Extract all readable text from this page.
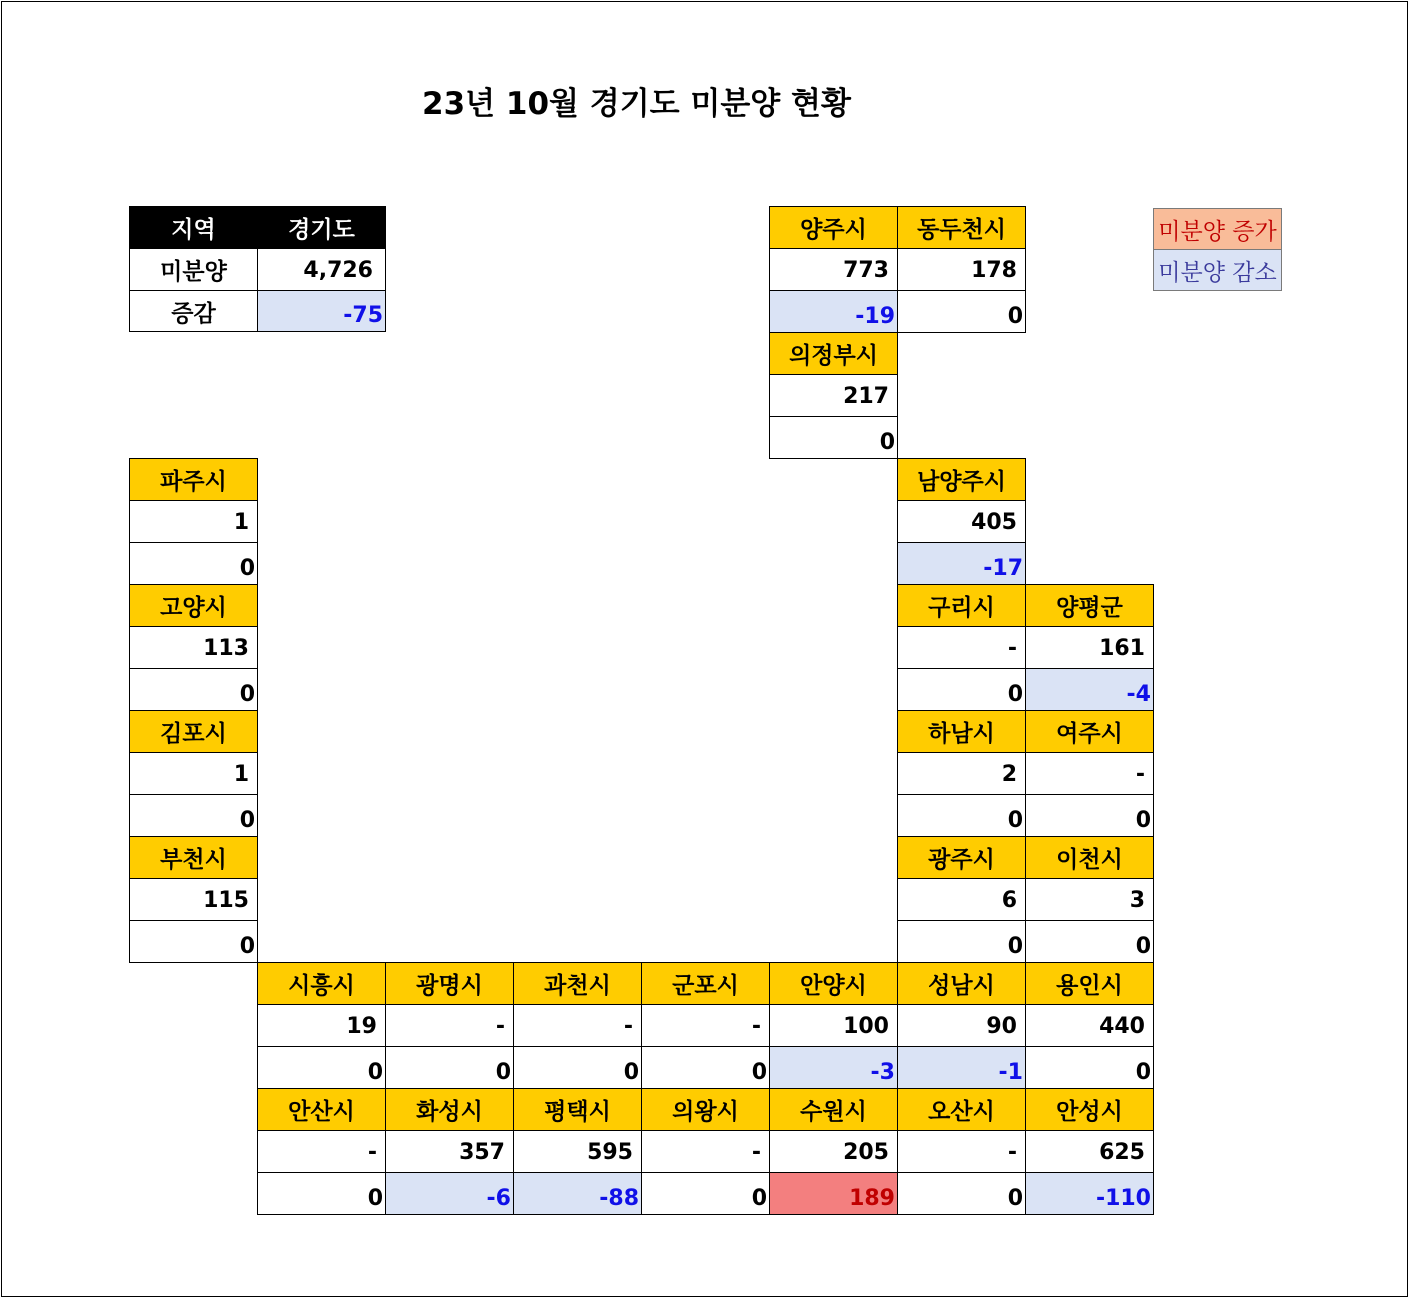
23년 10월 경기도 미분양 현황
지역	경기도
미분양	4,726
증감	-75
미분양 증가
미분양 감소
양주시
773
-19
동두천시
178
0
의정부시
217
0
파주시
1
0
남양주시
405
-17
고양시
113
0
구리시
-
0
양평군
161
-4
김포시
1
0
하남시
2
0
여주시
-
0
부천시
115
0
광주시
6
0
이천시
3
0
시흥시
19
0
광명시
-
0
과천시
-
0
군포시
-
0
안양시
100
-3
성남시
90
-1
용인시
440
0
안산시
-
0
화성시
357
-6
평택시
595
-88
의왕시
-
0
수원시
205
189
오산시
-
0
안성시
625
-110
